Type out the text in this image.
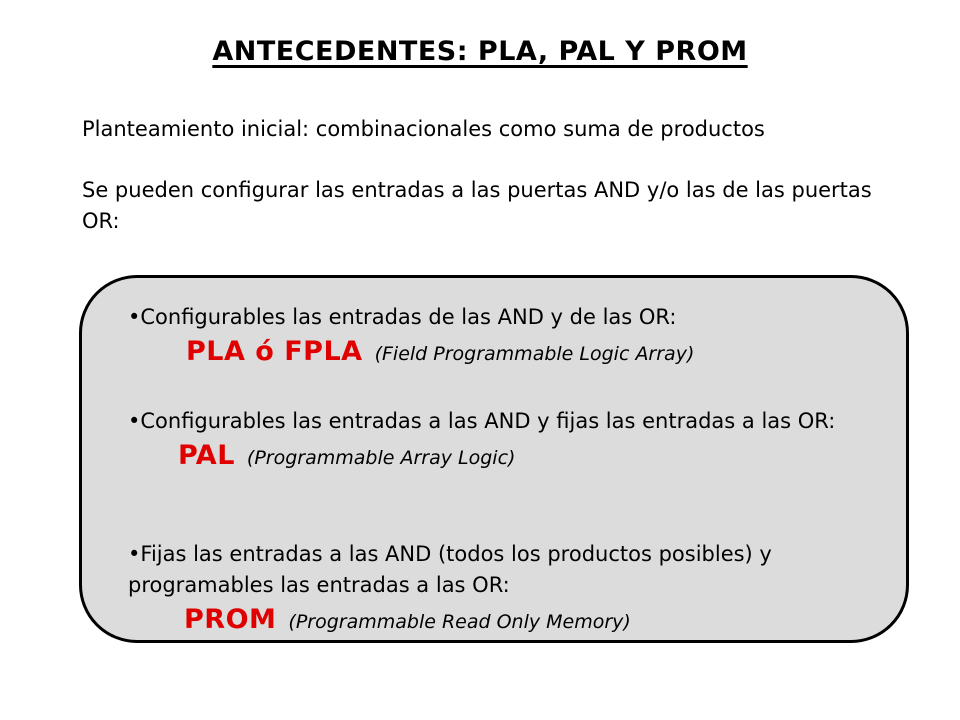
ANTECEDENTES: PLA, PAL Y PROM
Planteamiento inicial: combinacionales como suma de productos
Se pueden configurar las entradas a las puertas AND y/o las de las puertas OR:
•Configurables las entradas de las AND y de las OR:
PLA ó FPLA (Field Programmable Logic Array)
•Configurables las entradas a las AND y fijas las entradas a las OR:
PAL (Programmable Array Logic)
•Fijas las entradas a las AND (todos los productos posibles) y programables las entradas a las OR:
PROM (Programmable Read Only Memory)
